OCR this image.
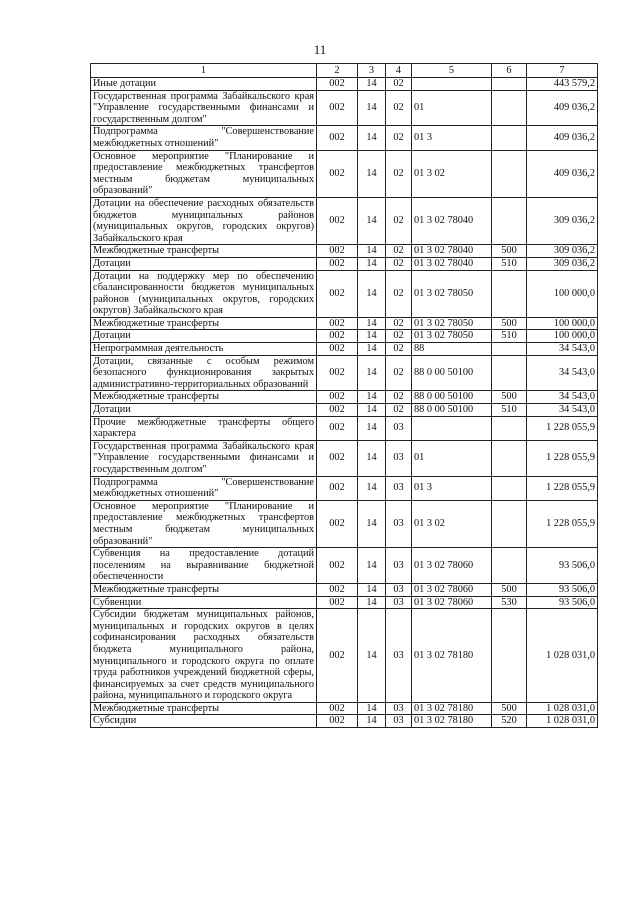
11
1	2	3	4	5	6	7
Иные дотации	002	14	02			443 579,2
Государственная программа Забайкальского края "Управление государственными финансами и государственным долгом"	002	14	02	01		409 036,2
Подпрограмма "Совершенствование межбюджетных отношений"	002	14	02	01 3		409 036,2
Основное мероприятие "Планирование и предоставление межбюджетных трансфертов местным бюджетам муниципальных образований"	002	14	02	01 3 02		409 036,2
Дотации на обеспечение расходных обязательств бюджетов муниципальных районов (муниципальных округов, городских округов) Забайкальского края	002	14	02	01 3 02 78040		309 036,2
Межбюджетные трансферты	002	14	02	01 3 02 78040	500	309 036,2
Дотации	002	14	02	01 3 02 78040	510	309 036,2
Дотации на поддержку мер по обеспечению сбалансированности бюджетов муниципальных районов (муниципальных округов, городских округов) Забайкальского края	002	14	02	01 3 02 78050		100 000,0
Межбюджетные трансферты	002	14	02	01 3 02 78050	500	100 000,0
Дотации	002	14	02	01 3 02 78050	510	100 000,0
Непрограммная деятельность	002	14	02	88		34 543,0
Дотации, связанные с особым режимом безопасного функционирования закрытых административно-территориальных образований	002	14	02	88 0 00 50100		34 543,0
Межбюджетные трансферты	002	14	02	88 0 00 50100	500	34 543,0
Дотации	002	14	02	88 0 00 50100	510	34 543,0
Прочие межбюджетные трансферты общего характера	002	14	03			1 228 055,9
Государственная программа Забайкальского края "Управление государственными финансами и государственным долгом"	002	14	03	01		1 228 055,9
Подпрограмма "Совершенствование межбюджетных отношений"	002	14	03	01 3		1 228 055,9
Основное мероприятие "Планирование и предоставление межбюджетных трансфертов местным бюджетам муниципальных образований"	002	14	03	01 3 02		1 228 055,9
Субвенция на предоставление дотаций поселениям на выравнивание бюджетной обеспеченности	002	14	03	01 3 02 78060		93 506,0
Межбюджетные трансферты	002	14	03	01 3 02 78060	500	93 506,0
Субвенции	002	14	03	01 3 02 78060	530	93 506,0
Субсидии бюджетам муниципальных районов, муниципальных и городских округов в целях софинансирования расходных обязательств бюджета муниципального района, муниципального и городского округа по оплате труда работников учреждений бюджетной сферы, финансируемых за счет средств муниципального района, муниципального и городского округа	002	14	03	01 3 02 78180		1 028 031,0
Межбюджетные трансферты	002	14	03	01 3 02 78180	500	1 028 031,0
Субсидии	002	14	03	01 3 02 78180	520	1 028 031,0
